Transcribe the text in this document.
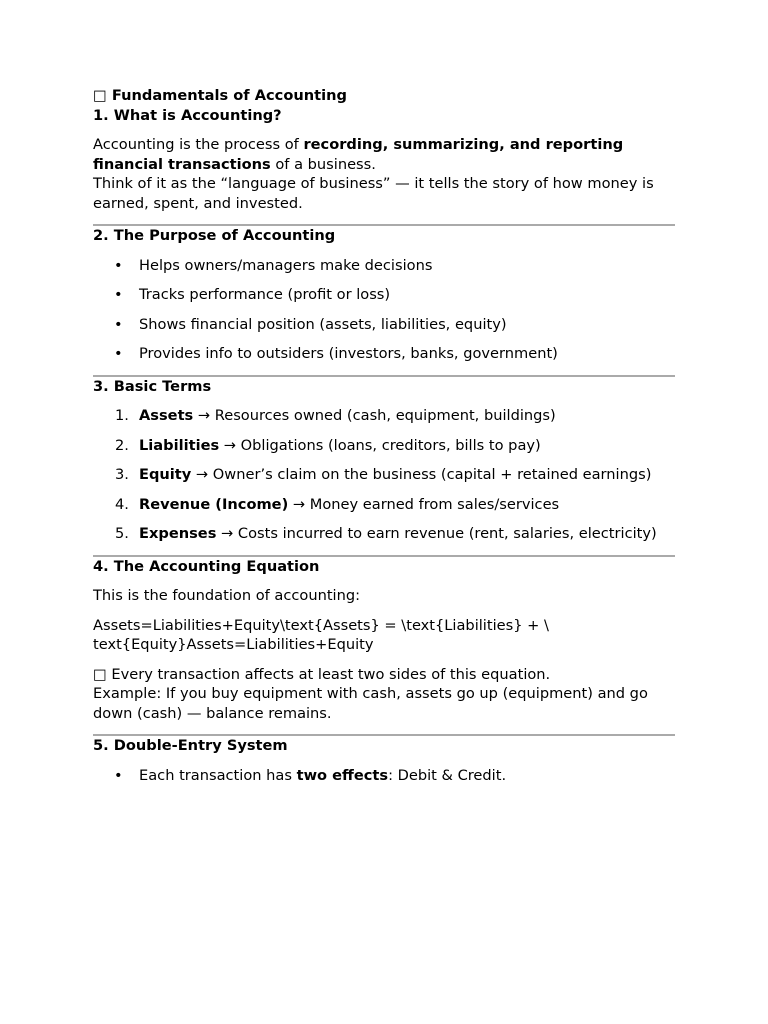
□ Fundamentals of Accounting
1. What is Accounting?

Accounting is the process of recording, summarizing, and reporting financial transactions of a business.

Think of it as the “language of business” — it tells the story of how money is earned, spent, and invested.

2. The Purpose of Accounting
• Helps owners/managers make decisions
• Tracks performance (profit or loss)
• Shows financial position (assets, liabilities, equity)
• Provides info to outsiders (investors, banks, government)
3. Basic Terms
1. Assets → Resources owned (cash, equipment, buildings)
2. Liabilities → Obligations (loans, creditors, bills to pay)
3. Equity → Owner’s claim on the business (capital + retained earnings)
4. Revenue (Income) → Money earned from sales/services
5. Expenses → Costs incurred to earn revenue (rent, salaries, electricity)
4. The Accounting Equation

This is the foundation of accounting:

Assets=Liabilities+Equity\text{Assets} = \text{Liabilities} + \ text{Equity}Assets=Liabilities+Equity

□ Every transaction affects at least two sides of this equation.

Example: If you buy equipment with cash, assets go up (equipment) and go down (cash) — balance remains.

5. Double-Entry System
• Each transaction has two effects: Debit & Credit.
